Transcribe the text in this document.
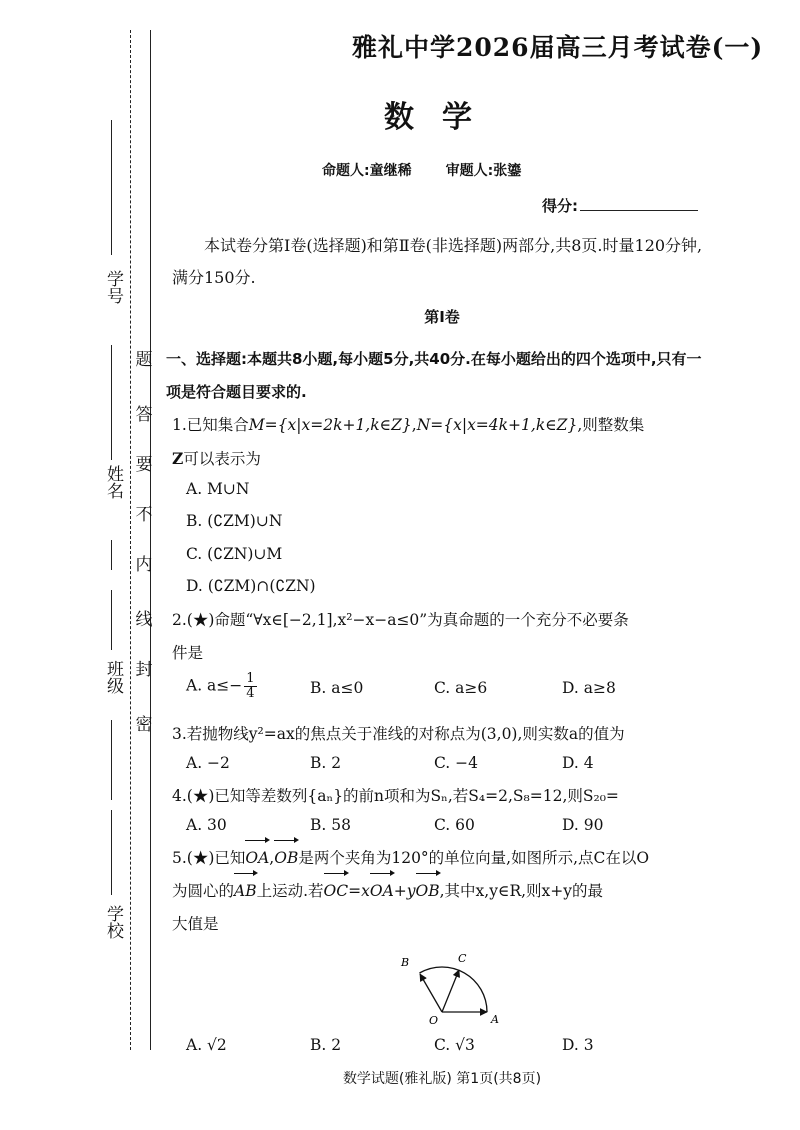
题
答
要
不
内
线
封
密
学号
姓名
班级
学校
雅礼中学2026届高三月考试卷(一)
数学
命题人:童继稀 审题人:张鎏
得分:
本试卷分第Ⅰ卷(选择题)和第Ⅱ卷(非选择题)两部分,共8页.时量120分钟,满分150分.
第Ⅰ卷
一、选择题:本题共8小题,每小题5分,共40分.在每小题给出的四个选项中,只有一项是符合题目要求的.
1.已知集合M={x|x=2k+1,k∈Z},N={x|x=4k+1,k∈Z},则整数集
Z可以表示为
A. M∪N
B. (∁ZM)∪N
C. (∁ZN)∪M
D. (∁ZM)∩(∁ZN)
2.(★)命题“∀x∈[−2,1],x²−x−a≤0”为真命题的一个充分不必要条
件是
A. $a\le- \frac{1}{4}$	B. a≤0	C. a≥6	D. a≥8
3.若抛物线y²=ax的焦点关于准线的对称点为(3,0),则实数a的值为
A. −2	B. 2	C. −4	D. 4
4.(★)已知等差数列{aₙ}的前n项和为Sₙ,若S₄=2,S₈=12,则S₂₀=
A. 30	B. 58	C. 60	D. 90
5.(★)已知OA,OB是两个夹角为120°的单位向量,如图所示,点C在以O
为圆心的AB上运动.若OC=xOA+yOB,其中x,y∈R,则x+y的最
大值是
B	C
O	A
A. √2	B. 2	C. √3	D. 3
数学试题(雅礼版) 第1页(共8页)
